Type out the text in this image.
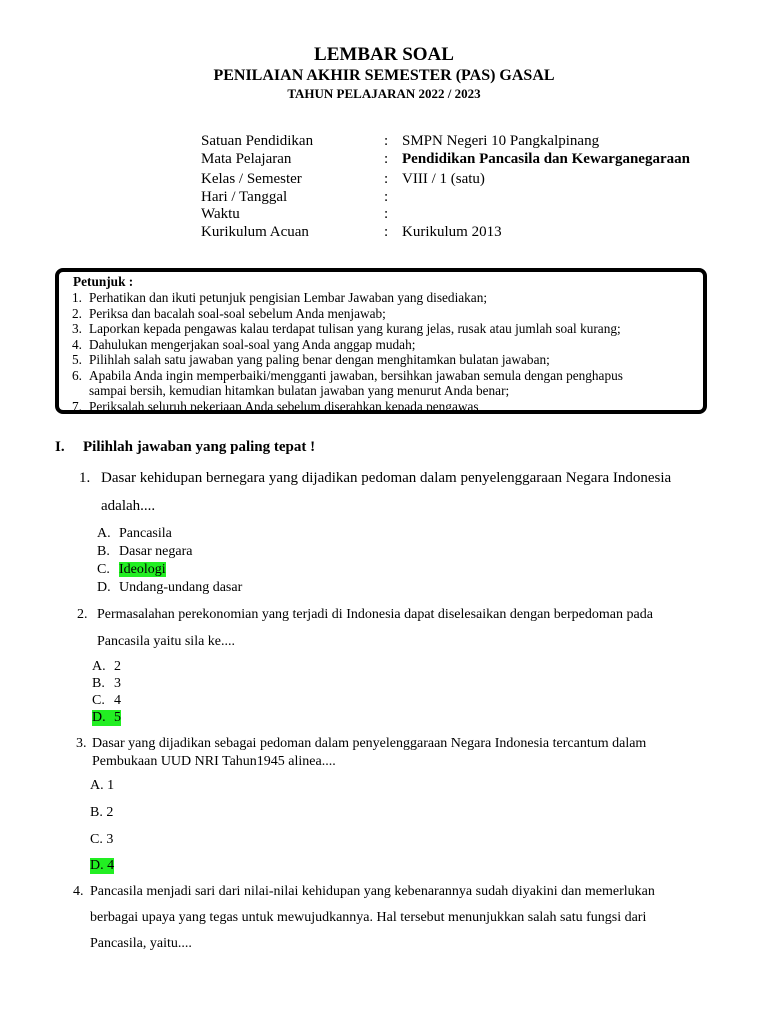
LEMBAR SOAL
PENILAIAN AKHIR SEMESTER (PAS) GASAL
TAHUN PELAJARAN 2022 / 2023
Satuan Pendidikan	: SMPN Negeri 10 Pangkalpinang
Mata Pelajaran	: Pendidikan Pancasila dan Kewarganegaraan
Kelas / Semester	: VIII / 1 (satu)
Hari / Tanggal	:
Waktu	:
Kurikulum Acuan	: Kurikulum 2013
Petunjuk :
1. Perhatikan dan ikuti petunjuk pengisian Lembar Jawaban yang disediakan;
2. Periksa dan bacalah soal-soal sebelum Anda menjawab;
3. Laporkan kepada pengawas kalau terdapat tulisan yang kurang jelas, rusak atau jumlah soal kurang;
4. Dahulukan mengerjakan soal-soal yang Anda anggap mudah;
5. Pilihlah salah satu jawaban yang paling benar dengan menghitamkan bulatan jawaban;
6. Apabila Anda ingin memperbaiki/mengganti jawaban, bersihkan jawaban semula dengan penghapus
sampai bersih, kemudian hitamkan bulatan jawaban yang menurut Anda benar;
7. Periksalah seluruh pekerjaan Anda sebelum diserahkan kepada pengawas
I. Pilihlah jawaban yang paling tepat !
1. Dasar kehidupan bernegara yang dijadikan pedoman dalam penyelenggaraan Negara Indonesia
adalah....
A. Pancasila
B. Dasar negara
C. Ideologi
D. Undang-undang dasar
2. Permasalahan perekonomian yang terjadi di Indonesia dapat diselesaikan dengan berpedoman pada
Pancasila yaitu sila ke....
A. 2
B. 3
C. 4
D. 5
3. Dasar yang dijadikan sebagai pedoman dalam penyelenggaraan Negara Indonesia tercantum dalam
Pembukaan UUD NRI Tahun1945 alinea....
A. 1
B. 2
C. 3
D. 4
4. Pancasila menjadi sari dari nilai-nilai kehidupan yang kebenarannya sudah diyakini dan memerlukan
berbagai upaya yang tegas untuk mewujudkannya. Hal tersebut menunjukkan salah satu fungsi dari
Pancasila, yaitu....
